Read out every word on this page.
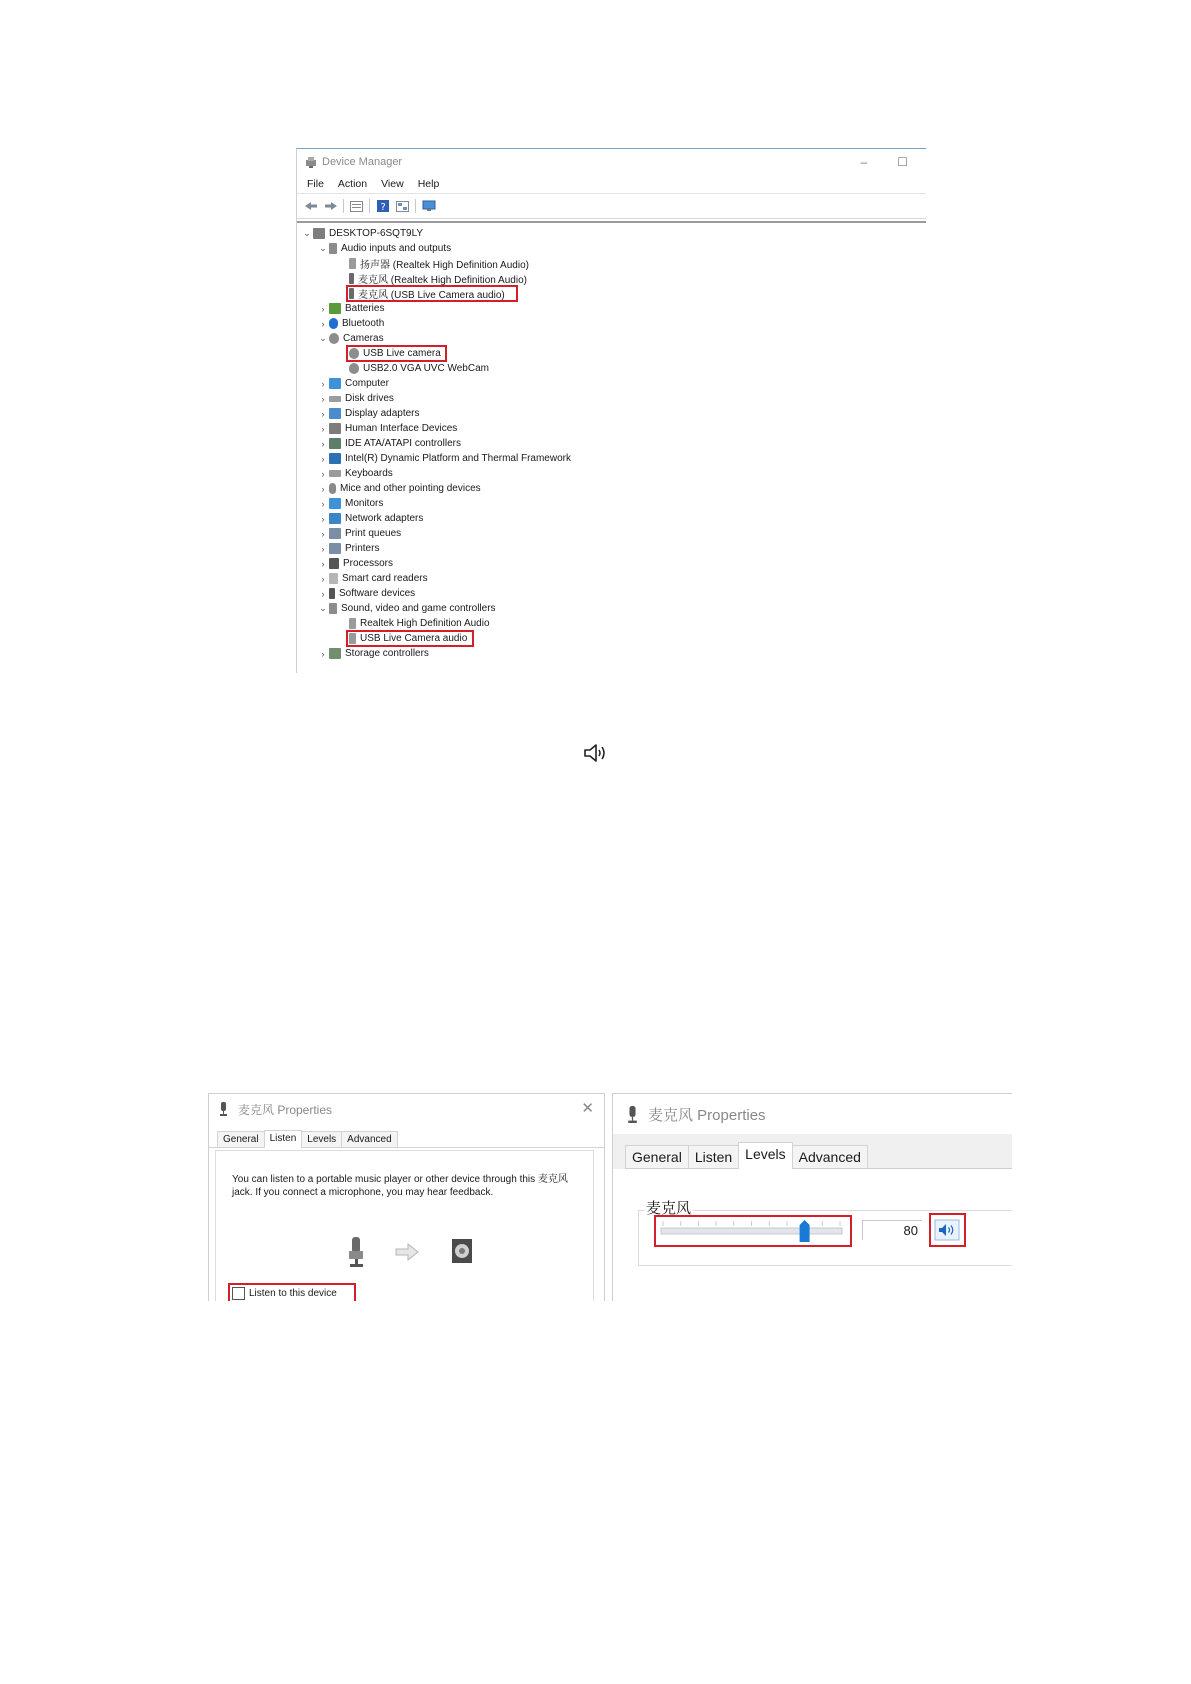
Device Manager	–	☐
File Action View Help
?
⌄ DESKTOP-6SQT9LY
⌄ Audio inputs and outputs
扬声器 (Realtek High Definition Audio)
麦克风 (Realtek High Definition Audio)
麦克风 (USB Live Camera audio)
›	Batteries
›	Bluetooth
⌄ Cameras
USB Live camera
USB2.0 VGA UVC WebCam
›	Computer
›	Disk drives
›	Display adapters
›	Human Interface Devices
›	IDE ATA/ATAPI controllers
›	Intel(R) Dynamic Platform and Thermal Framework
›	Keyboards
›	Mice and other pointing devices
›	Monitors
›	Network adapters
›	Print queues
›	Printers
›	Processors
›	Smart card readers
›	Software devices
⌄ Sound, video and game controllers
Realtek High Definition Audio
USB Live Camera audio
›	Storage controllers
麦克风 Properties	✕
General	Listen	Levels	Advanced
You can listen to a portable music player or other device through this 麦克风 jack. If you connect a microphone, you may hear feedback.
Listen to this device
麦克风 Properties
General Listen Levels Advanced
麦克风
80
